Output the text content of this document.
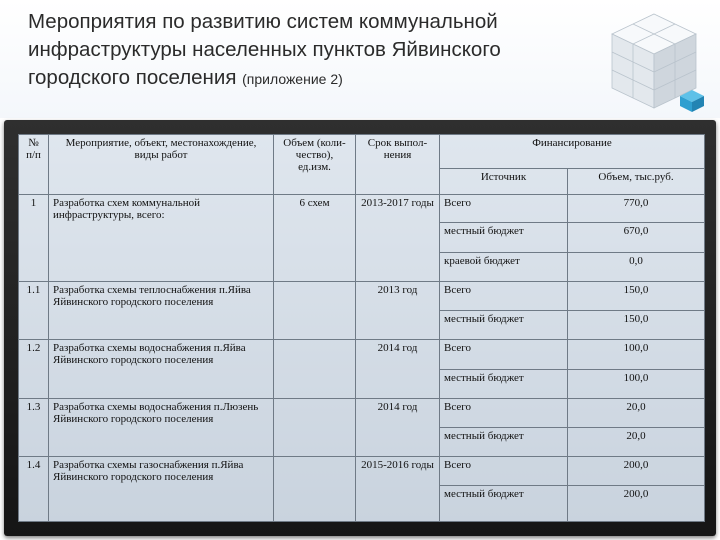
Мероприятия по развитию систем коммунальной инфраструктуры населенных пунктов Яйвинского городского поселения (приложение 2)
№ п/п	Мероприятие, объект, местонахождение, виды работ	Объем (коли-чество), ед.изм.	Срок выпол-нения	Финансирование	
				Источник	Объем, тыс.руб.
1	Разработка схем коммунальной инфраструктуры, всего:	6 схем	2013-2017 годы	Всего	770,0
				местный бюджет	670,0
				краевой бюджет	0,0
1.1	Разработка схемы теплоснабжения п.Яйва Яйвинского городского поселения		2013 год	Всего	150,0
				местный бюджет	150,0
1.2	Разработка схемы водоснабжения п.Яйва Яйвинского городского поселения		2014 год	Всего	100,0
				местный бюджет	100,0
1.3	Разработка схемы водоснабжения п.Люзень Яйвинского городского поселения		2014 год	Всего	20,0
				местный бюджет	20,0
1.4	Разработка схемы газоснабжения п.Яйва Яйвинского городского поселения		2015-2016 годы	Всего	200,0
				местный бюджет	200,0
